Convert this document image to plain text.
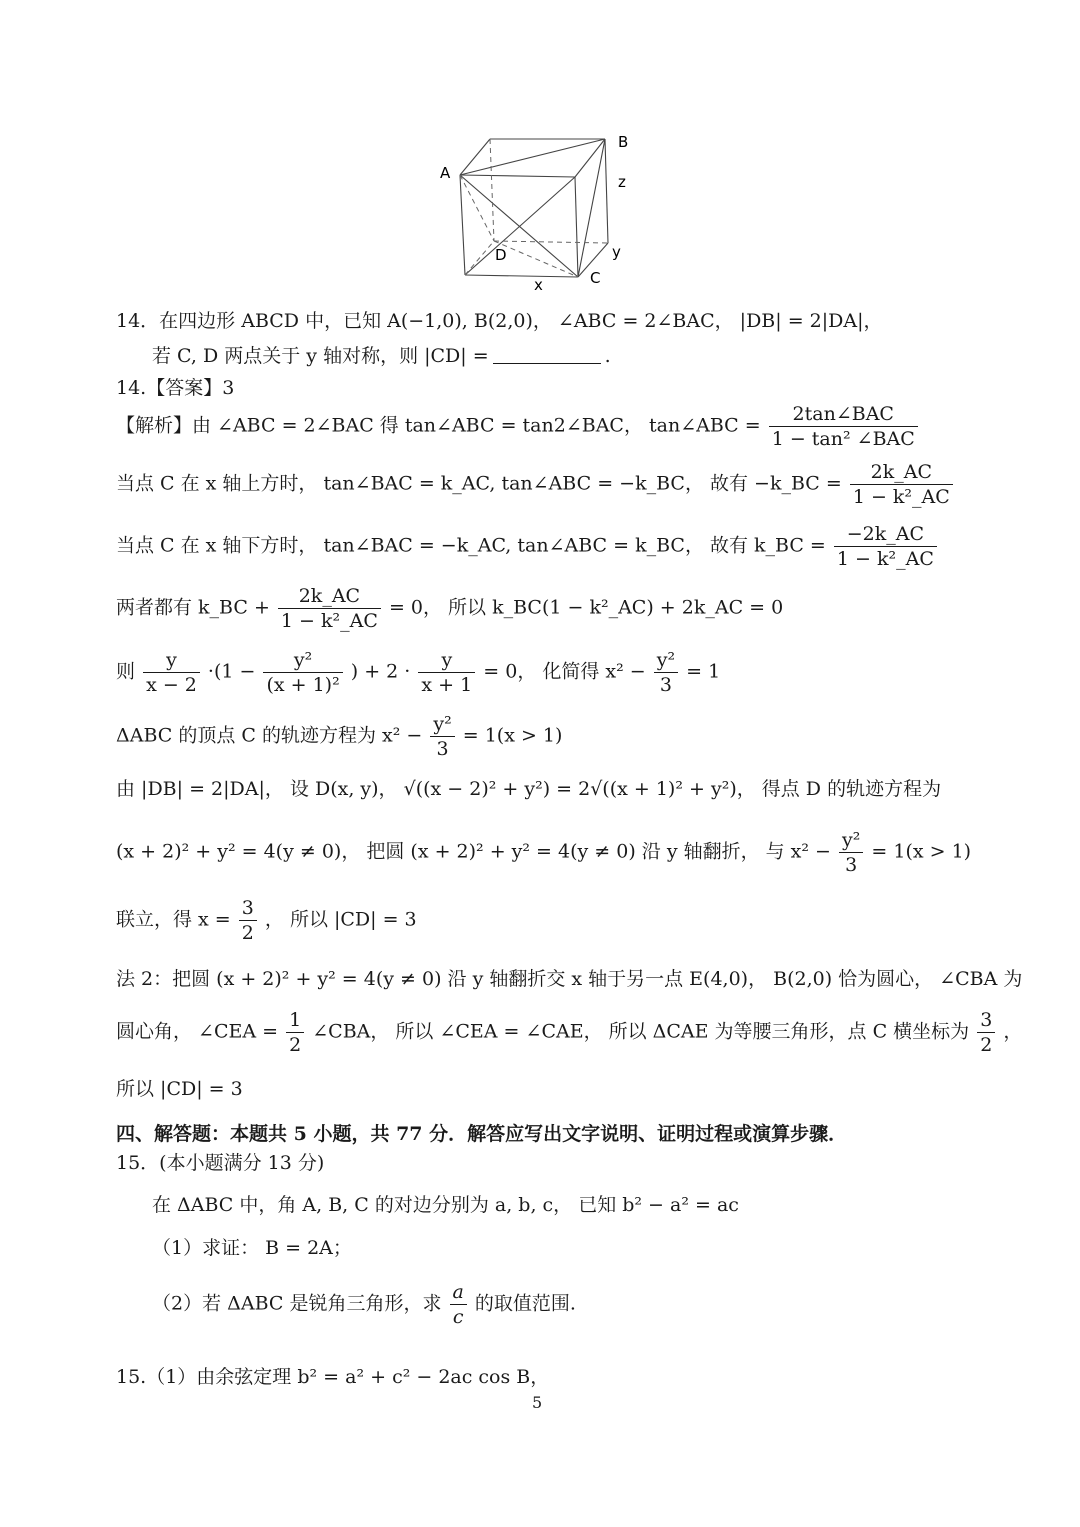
A
B
z
D	y
C
x
14．在四边形 ABCD 中，已知 A(−1,0), B(2,0)， ∠ABC = 2∠BAC， |DB| = 2|DA|，
若 C, D 两点关于 y 轴对称，则 |CD| =	.
14.【答案】3
【解析】由 ∠ABC = 2∠BAC 得 tan∠ABC = tan2∠BAC， tan∠ABC = $\frac{\text{2tan∠BAC}}{\text{1 − tan² ∠BAC}}$
当点 C 在 x 轴上方时， tan∠BAC = k_AC, tan∠ABC = −k_BC， 故有 −k_BC = $\frac{2k\_AC}{\text{1 − k²\_AC}}$
当点 C 在 x 轴下方时， tan∠BAC = −k_AC, tan∠ABC = k_BC， 故有 k_BC = $\frac{-2k\_AC}{\text{1 − k²\_AC}}$
两者都有 k_BC + $\frac{2k\_AC}{\text{1 − k²\_AC}} = 0$， 所以 k_BC(1 − k²_AC) + 2k_AC = 0
则 $\frac{y}{x - 2} \cdot(1 - \frac{\text{y²}}{\text{(x + 1)²}}$ ) + $2 \cdot \frac{y}{x + 1} = 0$， 化简得 $x^2 - \frac{\text{y²}}{3} = 1$
ΔABC 的顶点 C 的轨迹方程为 $x^2 - \frac{\text{y²}}{3} = 1(x > 1)$
由 |DB| = 2|DA|， 设 D(x, y)， √((x − 2)² + y²) = 2√((x + 1)² + y²)， 得点 D 的轨迹方程为
(x + 2)² + y² = 4(y ≠ 0)， 把圆 (x + 2)² + y² = 4(y ≠ 0) 沿 y 轴翻折， 与 $x^2 - \frac{\text{y²}}{3} = 1(x > 1)$
联立，得 $x = \frac{3}{2}$ ， 所以 |CD| = 3
法 2：把圆 (x + 2)² + y² = 4(y ≠ 0) 沿 y 轴翻折交 x 轴于另一点 E(4,0)， B(2,0) 恰为圆心， ∠CBA 为
圆心角， ∠CEA = $\frac{1}{2}$ ∠CBA， 所以 ∠CEA = ∠CAE， 所以 ΔCAE 为等腰三角形，点 C 横坐标为 $\frac{3}{2}$ ，
所以 |CD| = 3
四、解答题：本题共 5 小题，共 77 分．解答应写出文字说明、证明过程或演算步骤．
15．(本小题满分 13 分)
在 ΔABC 中，角 A, B, C 的对边分别为 a, b, c， 已知 b² − a² = ac
（1）求证： B = 2A；
（2）若 ΔABC 是锐角三角形，求 $\frac{a}{c}$ 的取值范围.
15.（1）由余弦定理 b² = a² + c² − 2ac cos B，
5
